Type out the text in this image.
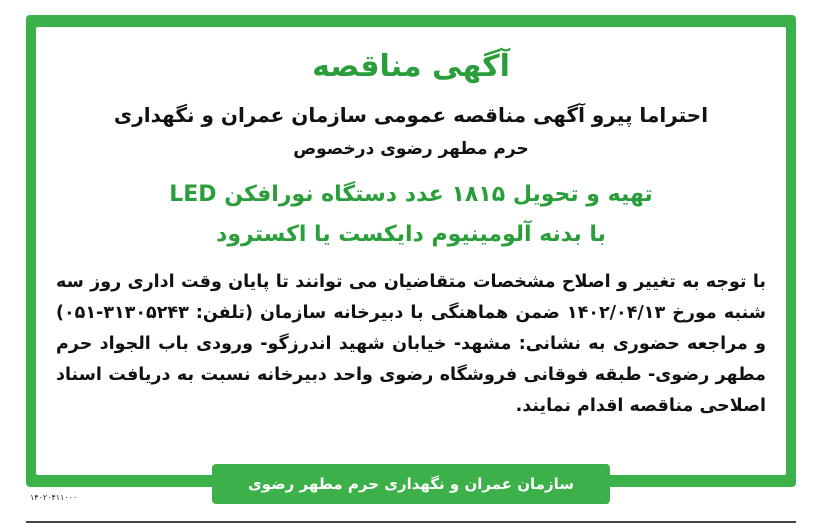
آگهی مناقصه
احتراما پیرو آگهی مناقصه عمومی سازمان عمران و نگهداری
حرم مطهر رضوی درخصوص
تهیه و تحویل ۱۸۱۵ عدد دستگاه نورافکن LED
با بدنه آلومینیوم دایکست یا اکسترود
با توجه به تغییر و اصلاح مشخصات متقاضیان می توانند تا پایان وقت اداری روز سه شنبه مورخ ۱۴۰۲/۰۴/۱۳ ضمن هماهنگی با دبیرخانه سازمان (تلفن: ۳۱۳۰۵۲۴۳-۰۵۱) و مراجعه حضوری به نشانی: مشهد- خیابان شهید اندرزگو- ورودی باب الجواد حرم مطهر رضوی- طبقه فوقانی فروشگاه رضوی واحد دبیرخانه نسبت به دریافت اسناد اصلاحی مناقصه اقدام نمایند.
سازمان عمران و نگهداری حرم مطهر رضوی
۱۴۰۲۰۴۱۱۰۰۰
